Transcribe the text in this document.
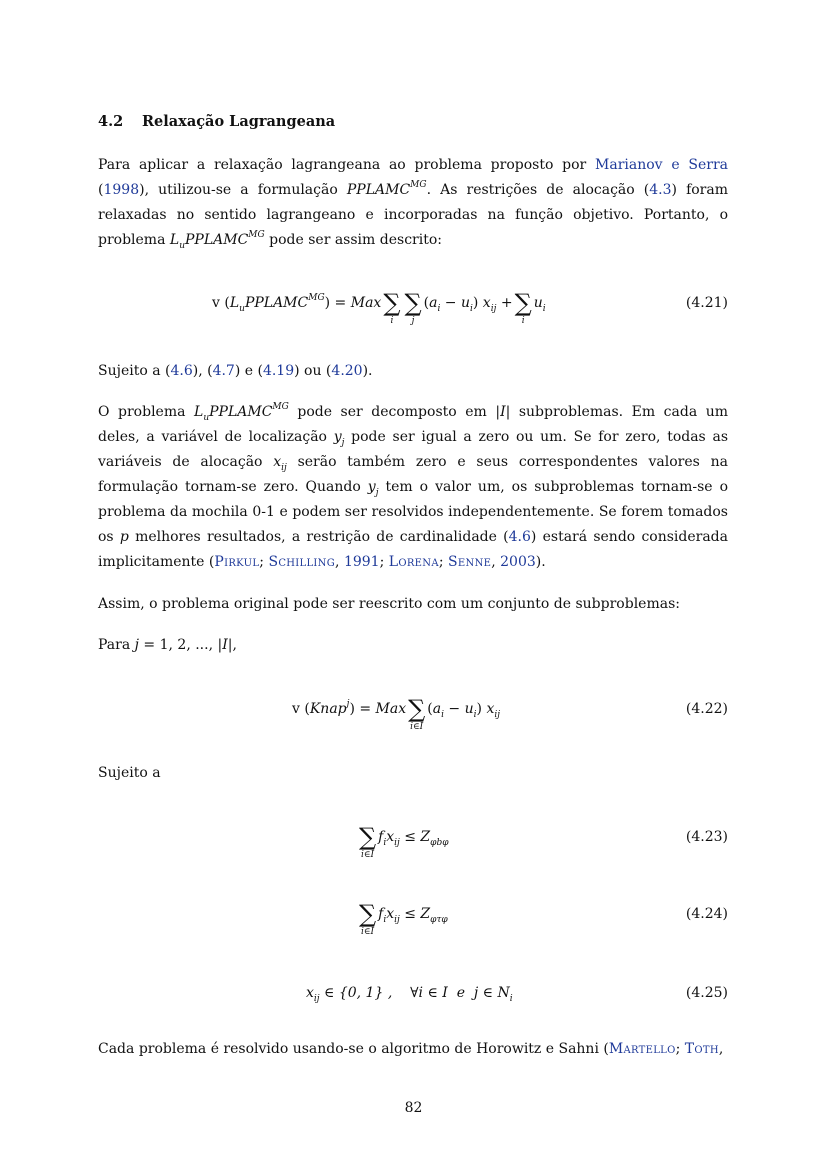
4.2 Relaxação Lagrangeana
Para aplicar a relaxação lagrangeana ao problema proposto por Marianov e Serra (1998), utilizou-se a formulação $PPLAMC^{MG}$. As restrições de alocação (4.3) foram relaxadas no sentido lagrangeano e incorporadas na função objetivo. Portanto, o problema $L_uPPLAMC^{MG}$ pode ser assim descrito:
v $(L_uPPLAMC^{MG})$ = Max ∑
i
∑
j
$(a_i - u_i) x_{ij}$ + ∑
i
$u_i$	(4.21)
Sujeito a (4.6), (4.7) e (4.19) ou (4.20).
O problema $L_uPPLAMC^{MG}$ pode ser decomposto em |I| subproblemas. Em cada um deles, a variável de localização $y_j$ pode ser igual a zero ou um. Se for zero, todas as variáveis de alocação $x_{ij}$ serão também zero e seus correspondentes valores na formulação tornam-se zero. Quando $y_j$ tem o valor um, os subproblemas tornam-se o problema da mochila 0-1 e podem ser resolvidos independentemente. Se forem tomados os p melhores resultados, a restrição de cardinalidade (4.6) estará sendo considerada implicitamente (Pirkul; Schilling, 1991; Lorena; Senne, 2003).
Assim, o problema original pode ser reescrito com um conjunto de subproblemas:
Para j = 1, 2, ..., |I|,
v (Knap$^j$) = Max ∑
i∈I
$(a_i - u_i)$ $x_{ij}$	(4.22)
Sujeito a
∑
i∈I
$f_ix_{ij} \le Z_{\varphi b\varphi}$	(4.23)
∑
i∈I
$f_ix_{ij} \le Z_{\varphi\tau\varphi}$	(4.24)
$x_{ij}$ ∈ {0, 1} ,    ∀i ∈ I  e  j ∈ $N_i$	(4.25)
Cada problema é resolvido usando-se o algoritmo de Horowitz e Sahni (Martello; Toth,
82
